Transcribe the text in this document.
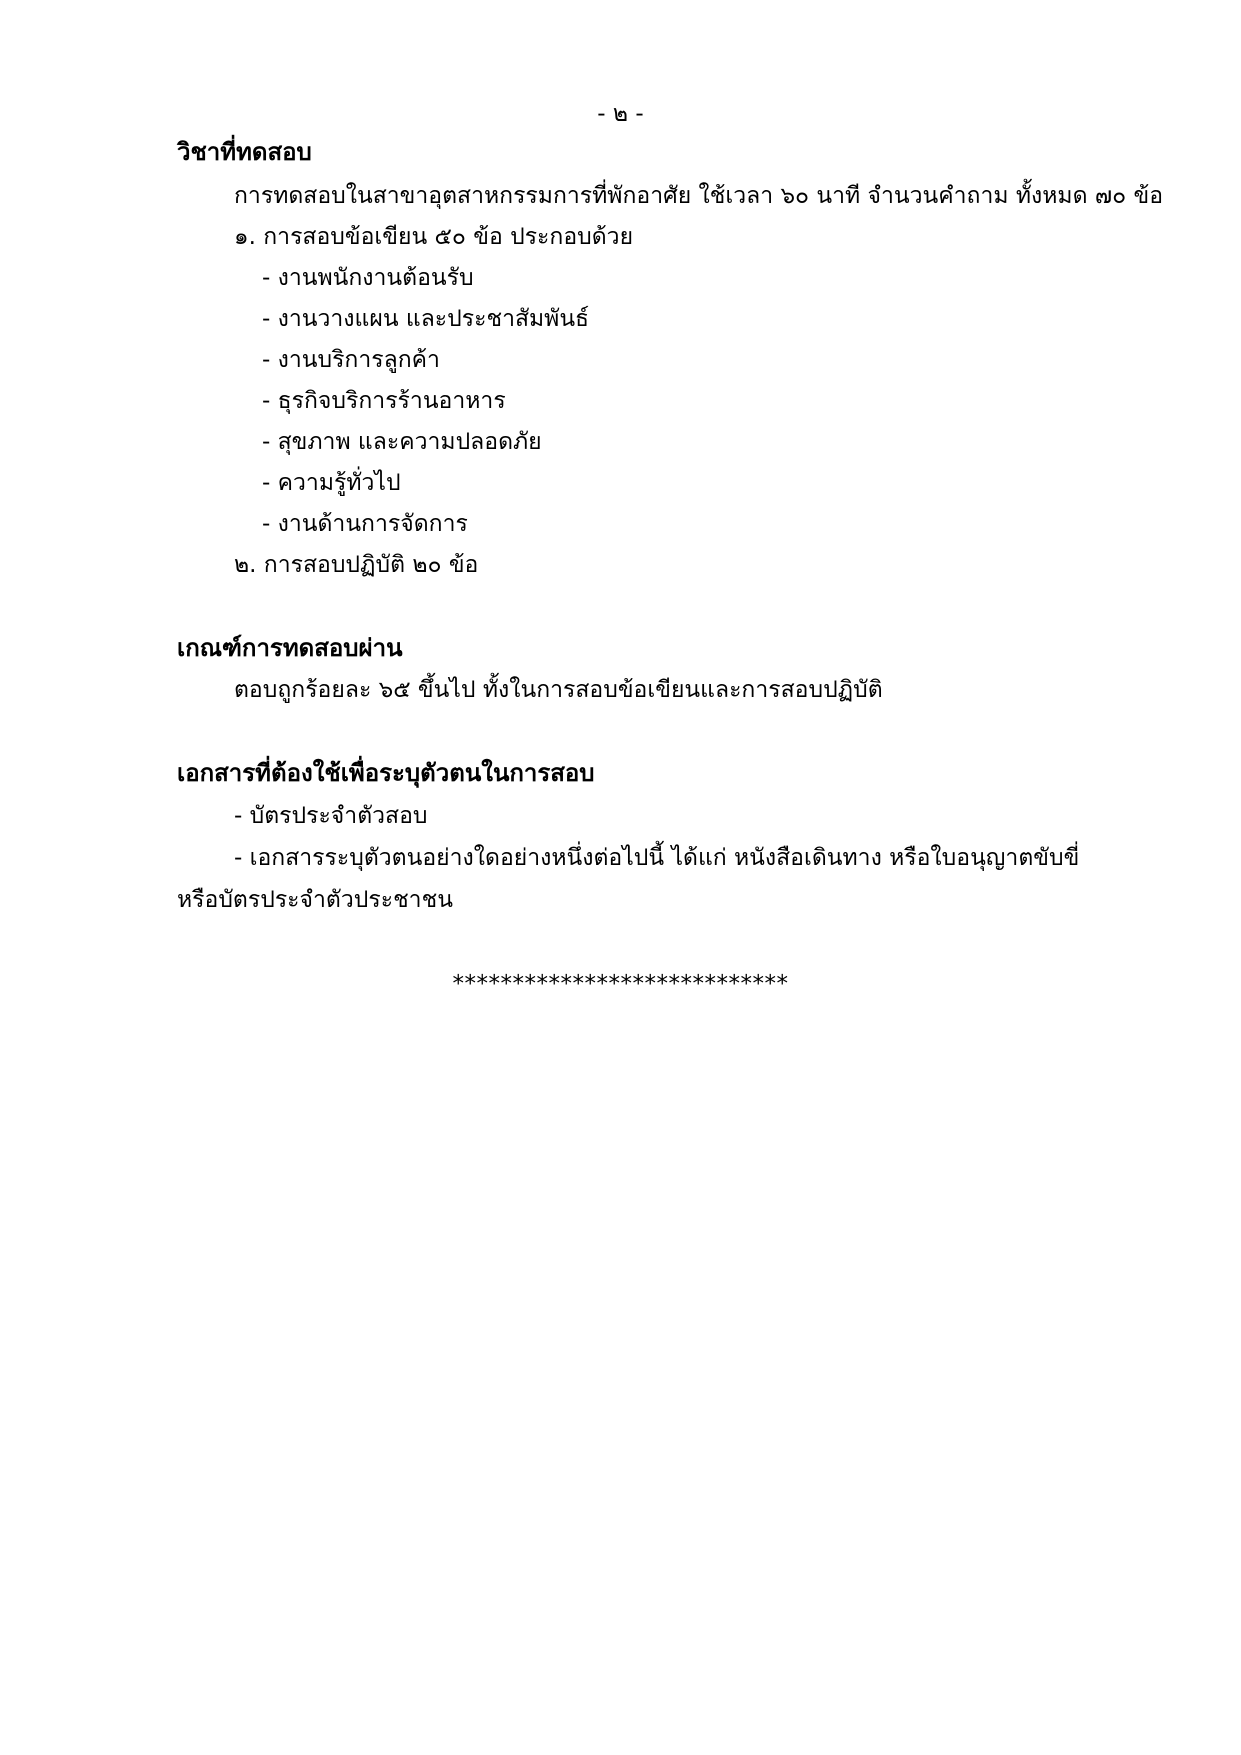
- ๒ -
วิชาที่ทดสอบ
การทดสอบในสาขาอุตสาหกรรมการที่พักอาศัย ใช้เวลา ๖๐ นาที จำนวนคำถาม ทั้งหมด ๗๐ ข้อ
๑. การสอบข้อเขียน ๕๐ ข้อ ประกอบด้วย
- งานพนักงานต้อนรับ
- งานวางแผน และประชาสัมพันธ์
- งานบริการลูกค้า
- ธุรกิจบริการร้านอาหาร
- สุขภาพ และความปลอดภัย
- ความรู้ทั่วไป
- งานด้านการจัดการ
๒. การสอบปฏิบัติ ๒๐ ข้อ
เกณฑ์การทดสอบผ่าน
ตอบถูกร้อยละ ๖๕ ขึ้นไป ทั้งในการสอบข้อเขียนและการสอบปฏิบัติ
เอกสารที่ต้องใช้เพื่อระบุตัวตนในการสอบ
- บัตรประจำตัวสอบ
- เอกสารระบุตัวตนอย่างใดอย่างหนึ่งต่อไปนี้ ได้แก่ หนังสือเดินทาง หรือใบอนุญาตขับขี่
หรือบัตรประจำตัวประชาชน
****************************
